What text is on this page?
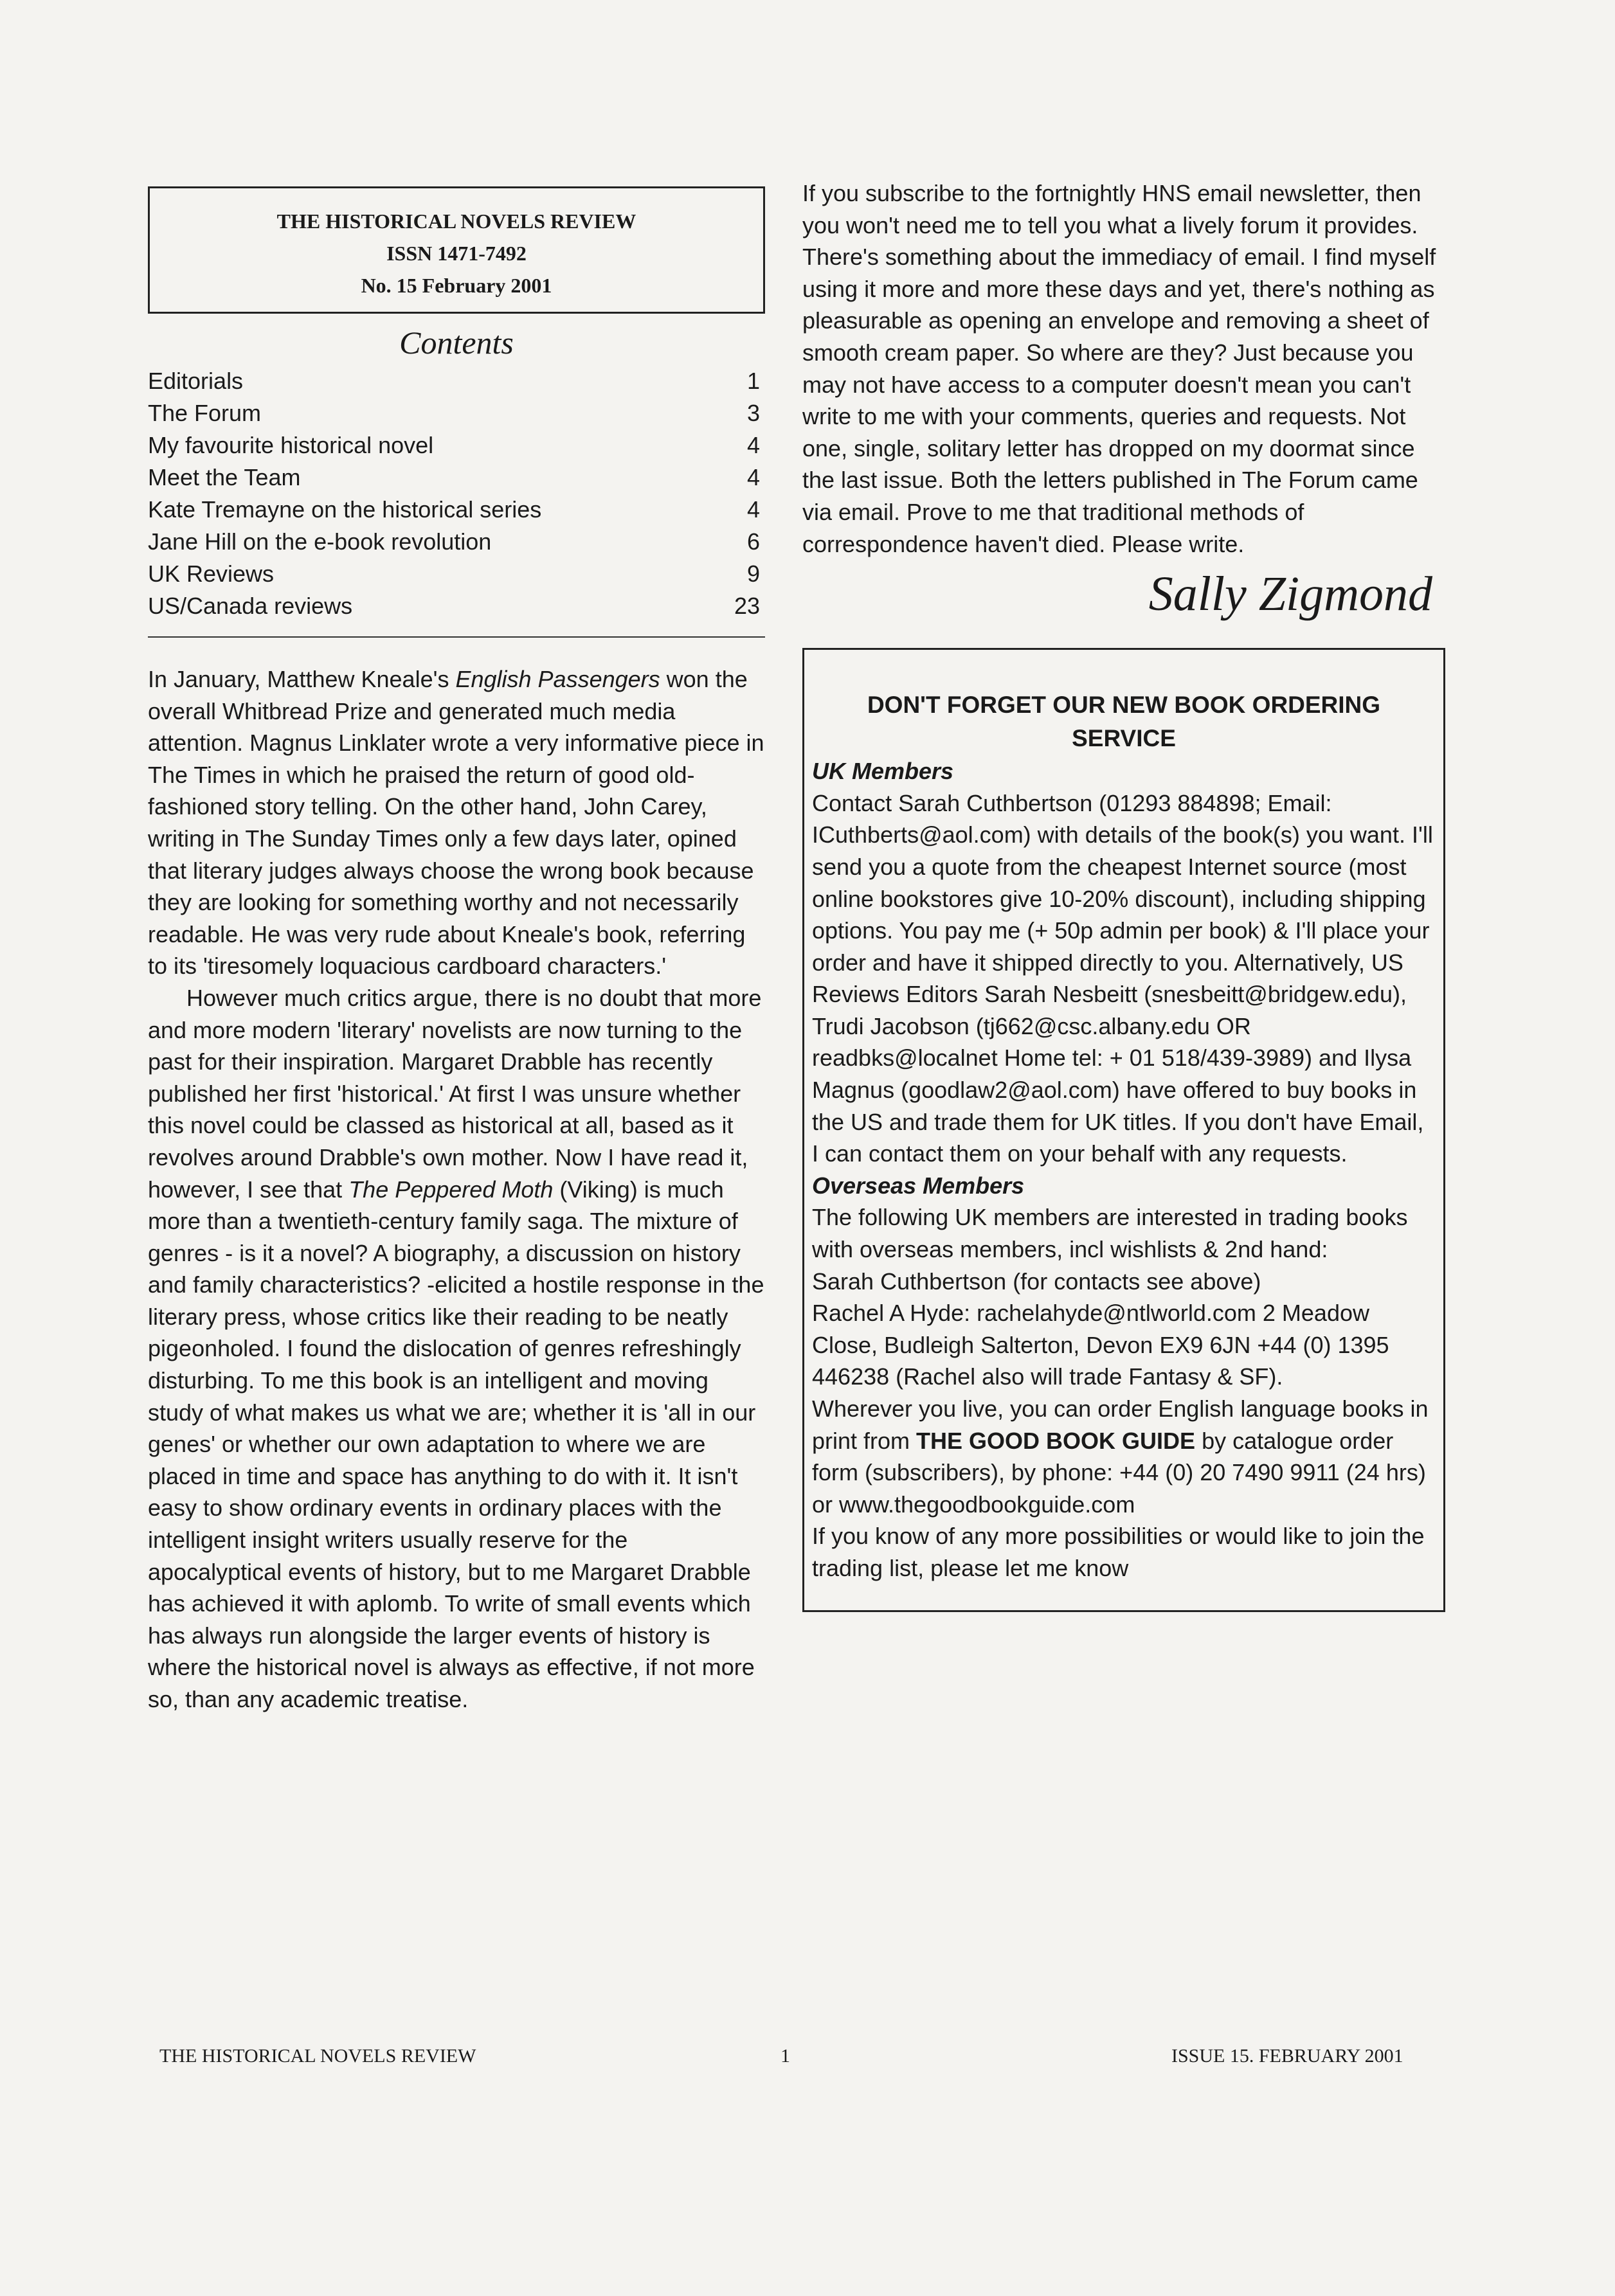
THE HISTORICAL NOVELS REVIEW
ISSN 1471-7492
No. 15 February 2001
Contents
Editorials	1
The Forum	3
My favourite historical novel	4
Meet the Team	4
Kate Tremayne on the historical series	4
Jane Hill on the e-book revolution	6
UK Reviews	9
US/Canada reviews	23

In January, Matthew Kneale's English Passengers won the overall Whitbread Prize and generated much media attention. Magnus Linklater wrote a very informative piece in The Times in which he praised the return of good old-fashioned story telling. On the other hand, John Carey, writing in The Sunday Times only a few days later, opined that literary judges always choose the wrong book because they are looking for something worthy and not necessarily readable. He was very rude about Kneale's book, referring to its 'tiresomely loquacious cardboard characters.'

However much critics argue, there is no doubt that more and more modern 'literary' novelists are now turning to the past for their inspiration. Margaret Drabble has recently published her first 'historical.' At first I was unsure whether this novel could be classed as historical at all, based as it revolves around Drabble's own mother. Now I have read it, however, I see that The Peppered Moth (Viking) is much more than a twentieth-century family saga. The mixture of genres - is it a novel? A biography, a discussion on history and family characteristics? -elicited a hostile response in the literary press, whose critics like their reading to be neatly pigeonholed. I found the dislocation of genres refreshingly disturbing. To me this book is an intelligent and moving study of what makes us what we are; whether it is 'all in our genes' or whether our own adaptation to where we are placed in time and space has anything to do with it. It isn't easy to show ordinary events in ordinary places with the intelligent insight writers usually reserve for the apocalyptical events of history, but to me Margaret Drabble has achieved it with aplomb. To write of small events which has always run alongside the larger events of history is where the historical novel is always as effective, if not more so, than any academic treatise.

If you subscribe to the fortnightly HNS email newsletter, then you won't need me to tell you what a lively forum it provides. There's something about the immediacy of email. I find myself using it more and more these days and yet, there's nothing as pleasurable as opening an envelope and removing a sheet of smooth cream paper. So where are they? Just because you may not have access to a computer doesn't mean you can't write to me with your comments, queries and requests. Not one, single, solitary letter has dropped on my doormat since the last issue. Both the letters published in The Forum came via email. Prove to me that traditional methods of correspondence haven't died. Please write.

Sally Zigmond
DON'T FORGET OUR NEW BOOK ORDERING SERVICE
UK Members

Contact Sarah Cuthbertson (01293 884898; Email: ICuthberts@aol.com) with details of the book(s) you want. I'll send you a quote from the cheapest Internet source (most online bookstores give 10-20% discount), including shipping options. You pay me (+ 50p admin per book) & I'll place your order and have it shipped directly to you. Alternatively, US Reviews Editors Sarah Nesbeitt (snesbeitt@bridgew.edu), Trudi Jacobson (tj662@csc.albany.edu OR readbks@localnet Home tel: + 01 518/439-3989) and Ilysa Magnus (goodlaw2@aol.com) have offered to buy books in the US and trade them for UK titles. If you don't have Email, I can contact them on your behalf with any requests.

Overseas Members

The following UK members are interested in trading books with overseas members, incl wishlists & 2nd hand:

Sarah Cuthbertson (for contacts see above)

Rachel A Hyde: rachelahyde@ntlworld.com 2 Meadow Close, Budleigh Salterton, Devon EX9 6JN +44 (0) 1395 446238 (Rachel also will trade Fantasy & SF).

Wherever you live, you can order English language books in print from THE GOOD BOOK GUIDE by catalogue order form (subscribers), by phone: +44 (0) 20 7490 9911 (24 hrs) or www.thegoodbookguide.com

If you know of any more possibilities or would like to join the trading list, please let me know

THE HISTORICAL NOVELS REVIEW	1	ISSUE 15. FEBRUARY 2001
